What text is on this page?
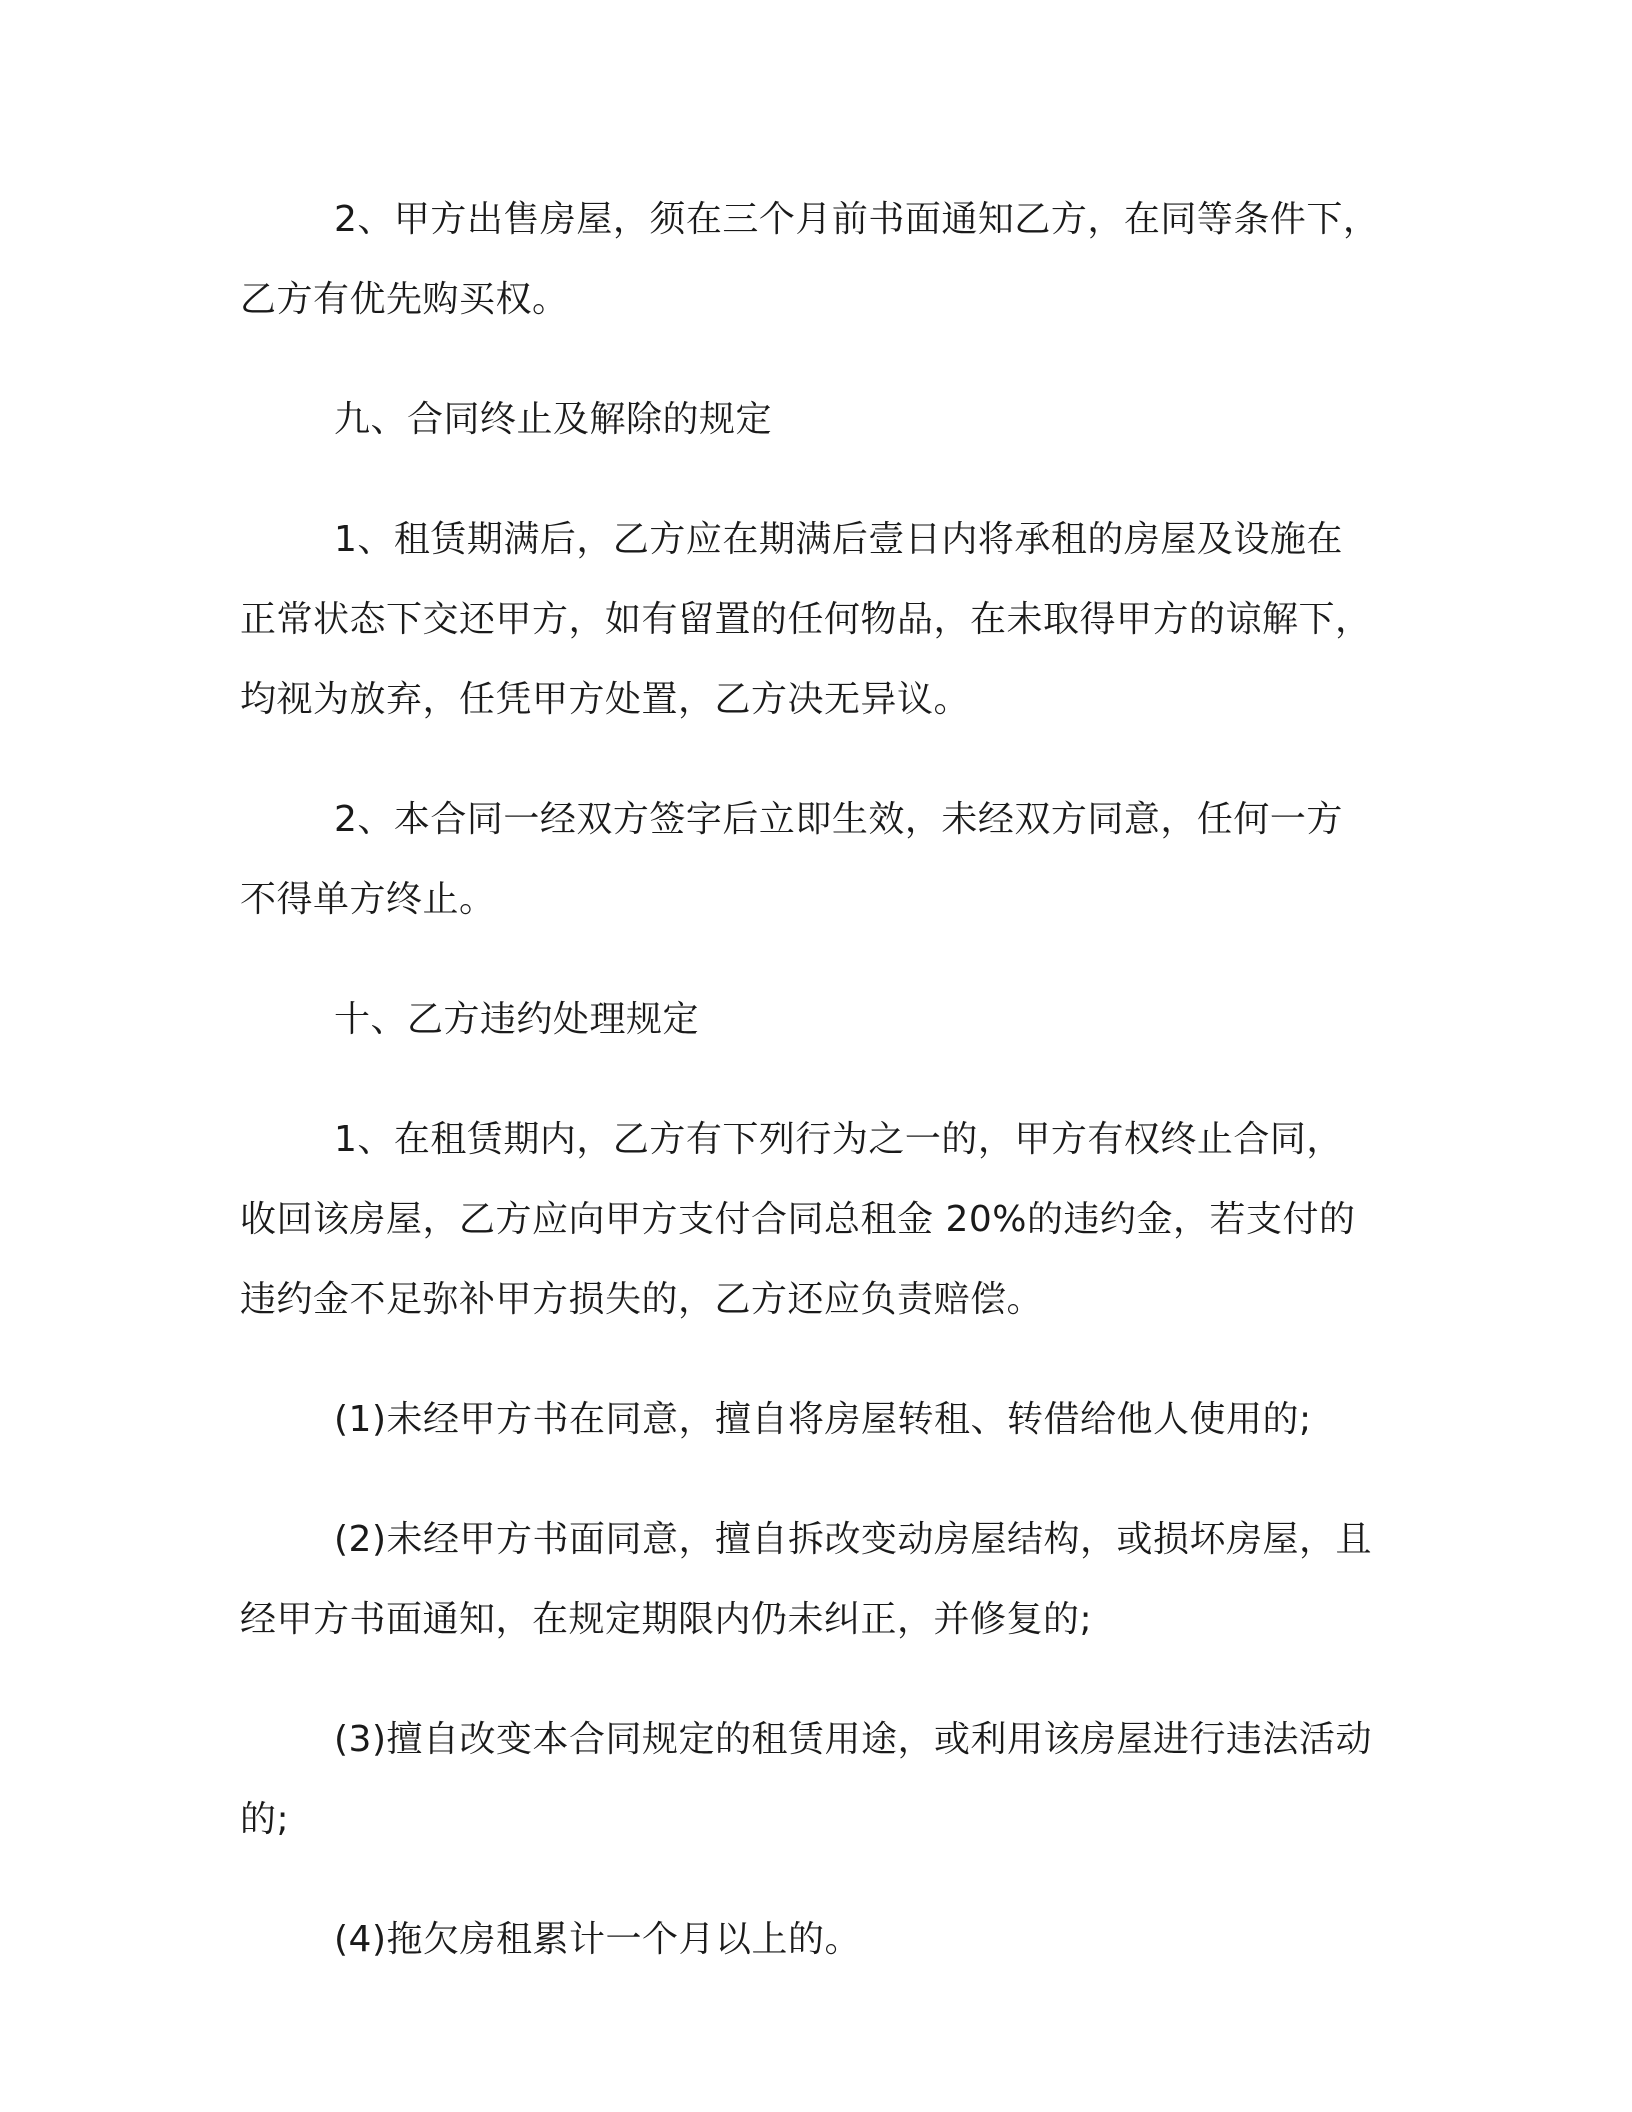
2、甲方出售房屋，须在三个月前书面通知乙方，在同等条件下，
乙方有优先购买权。

九、合同终止及解除的规定

1、租赁期满后，乙方应在期满后壹日内将承租的房屋及设施在
正常状态下交还甲方，如有留置的任何物品，在未取得甲方的谅解下，
均视为放弃，任凭甲方处置，乙方决无异议。

2、本合同一经双方签字后立即生效，未经双方同意，任何一方
不得单方终止。

十、乙方违约处理规定

1、在租赁期内，乙方有下列行为之一的，甲方有权终止合同，
收回该房屋，乙方应向甲方支付合同总租金 20%的违约金，若支付的
违约金不足弥补甲方损失的，乙方还应负责赔偿。

(1)未经甲方书在同意，擅自将房屋转租、转借给他人使用的;

(2)未经甲方书面同意，擅自拆改变动房屋结构，或损坏房屋，且
经甲方书面通知，在规定期限内仍未纠正，并修复的;

(3)擅自改变本合同规定的租赁用途，或利用该房屋进行违法活动
的;

(4)拖欠房租累计一个月以上的。
